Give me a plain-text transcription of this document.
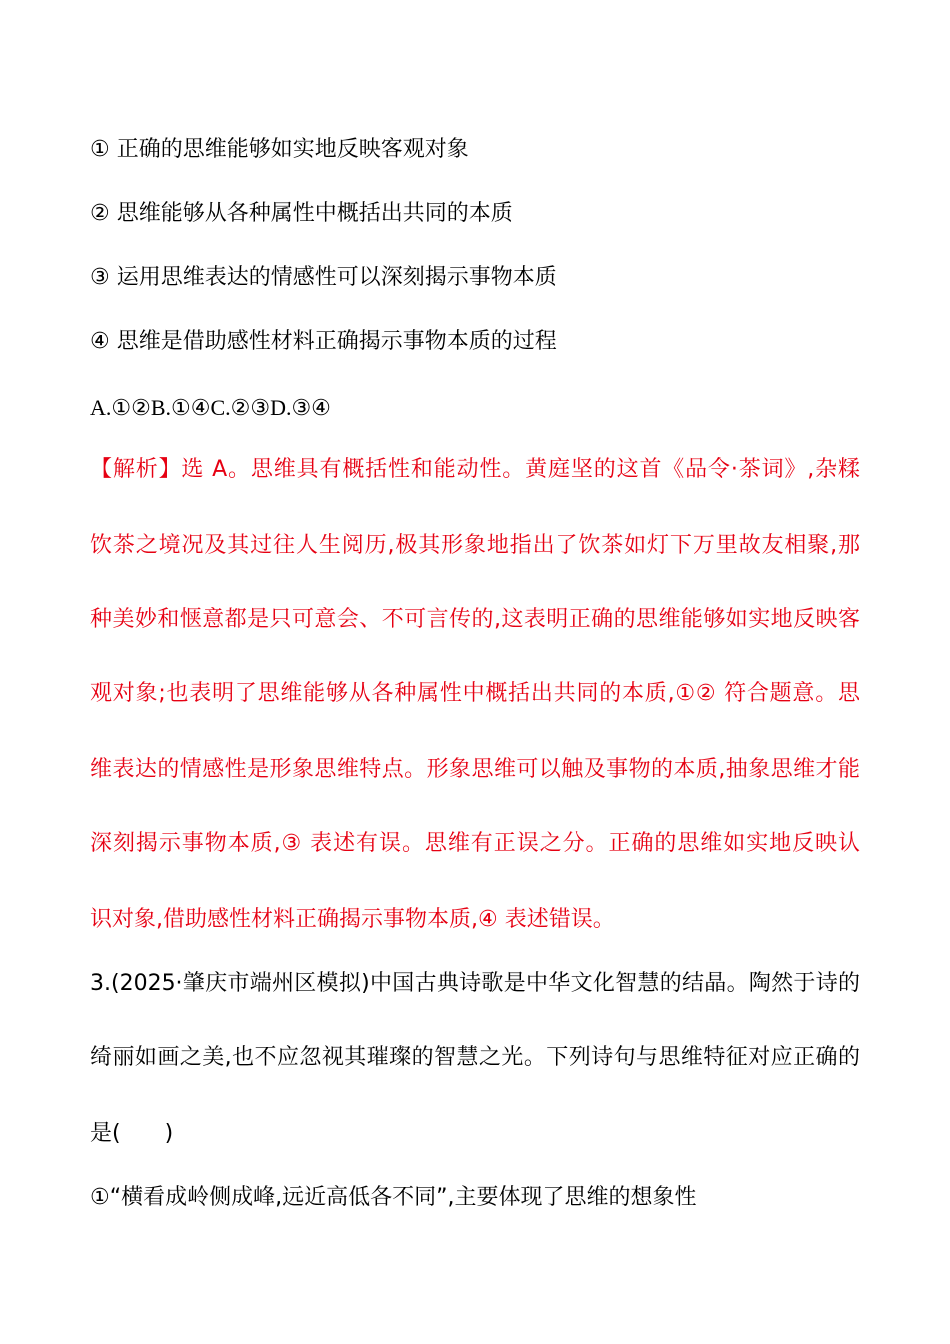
① 正确的思维能够如实地反映客观对象
② 思维能够从各种属性中概括出共同的本质
③ 运用思维表达的情感性可以深刻揭示事物本质
④ 思维是借助感性材料正确揭示事物本质的过程
A.①②B.①④C.②③D.③④
【解析】选 A。思维具有概括性和能动性。黄庭坚的这首《品令·茶词》,杂糅
饮茶之境况及其过往人生阅历,极其形象地指出了饮茶如灯下万里故友相聚,那
种美妙和惬意都是只可意会、不可言传的,这表明正确的思维能够如实地反映客
观对象;也表明了思维能够从各种属性中概括出共同的本质,①② 符合题意。思
维表达的情感性是形象思维特点。形象思维可以触及事物的本质,抽象思维才能
深刻揭示事物本质,③ 表述有误。思维有正误之分。正确的思维如实地反映认
识对象,借助感性材料正确揭示事物本质,④ 表述错误。
3.(2025·肇庆市端州区模拟)中国古典诗歌是中华文化智慧的结晶。陶然于诗的
绮丽如画之美,也不应忽视其璀璨的智慧之光。下列诗句与思维特征对应正确的
是(　　)
①“横看成岭侧成峰,远近高低各不同”,主要体现了思维的想象性
